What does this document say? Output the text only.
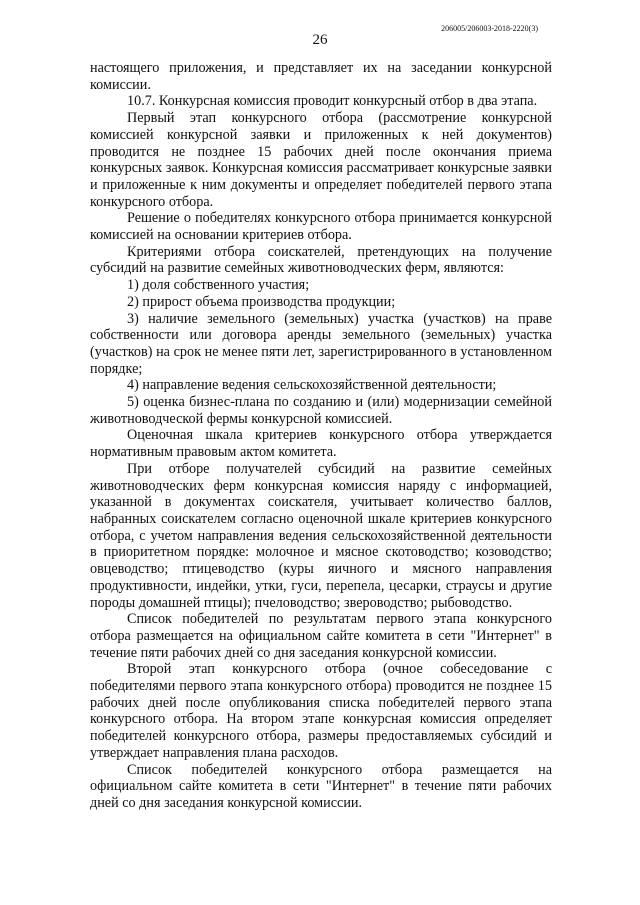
26
206005/206003-2018-2220(3)

настоящего приложения, и представляет их на заседании конкурсной комиссии.

10.7. Конкурсная комиссия проводит конкурсный отбор в два этапа.

Первый этап конкурсного отбора (рассмотрение конкурсной комиссией конкурсной заявки и приложенных к ней документов) проводится не позднее 15 рабочих дней после окончания приема конкурсных заявок. Конкурсная комиссия рассматривает конкурсные заявки и приложенные к ним документы и определяет победителей первого этапа конкурсного отбора.

Решение о победителях конкурсного отбора принимается конкурсной комиссией на основании критериев отбора.

Критериями отбора соискателей, претендующих на получение субсидий на развитие семейных животноводческих ферм, являются:

1) доля собственного участия;

2) прирост объема производства продукции;

3) наличие земельного (земельных) участка (участков) на праве собственности или договора аренды земельного (земельных) участка (участков) на срок не менее пяти лет, зарегистрированного в установленном порядке;

4) направление ведения сельскохозяйственной деятельности;

5) оценка бизнес-плана по созданию и (или) модернизации семейной животноводческой фермы конкурсной комиссией.

Оценочная шкала критериев конкурсного отбора утверждается нормативным правовым актом комитета.

При отборе получателей субсидий на развитие семейных животноводческих ферм конкурсная комиссия наряду с информацией, указанной в документах соискателя, учитывает количество баллов, набранных соискателем согласно оценочной шкале критериев конкурсного отбора, с учетом направления ведения сельскохозяйственной деятельности в приоритетном порядке: молочное и мясное скотоводство; козоводство; овцеводство; птицеводство (куры яичного и мясного направления продуктивности, индейки, утки, гуси, перепела, цесарки, страусы и другие породы домашней птицы); пчеловодство; звероводство; рыбоводство.

Список победителей по результатам первого этапа конкурсного отбора размещается на официальном сайте комитета в сети "Интернет" в течение пяти рабочих дней со дня заседания конкурсной комиссии.

Второй этап конкурсного отбора (очное собеседование с победителями первого этапа конкурсного отбора) проводится не позднее 15 рабочих дней после опубликования списка победителей первого этапа конкурсного отбора. На втором этапе конкурсная комиссия определяет победителей конкурсного отбора, размеры предоставляемых субсидий и утверждает направления плана расходов.

Список победителей конкурсного отбора размещается на официальном сайте комитета в сети "Интернет" в течение пяти рабочих дней со дня заседания конкурсной комиссии.
